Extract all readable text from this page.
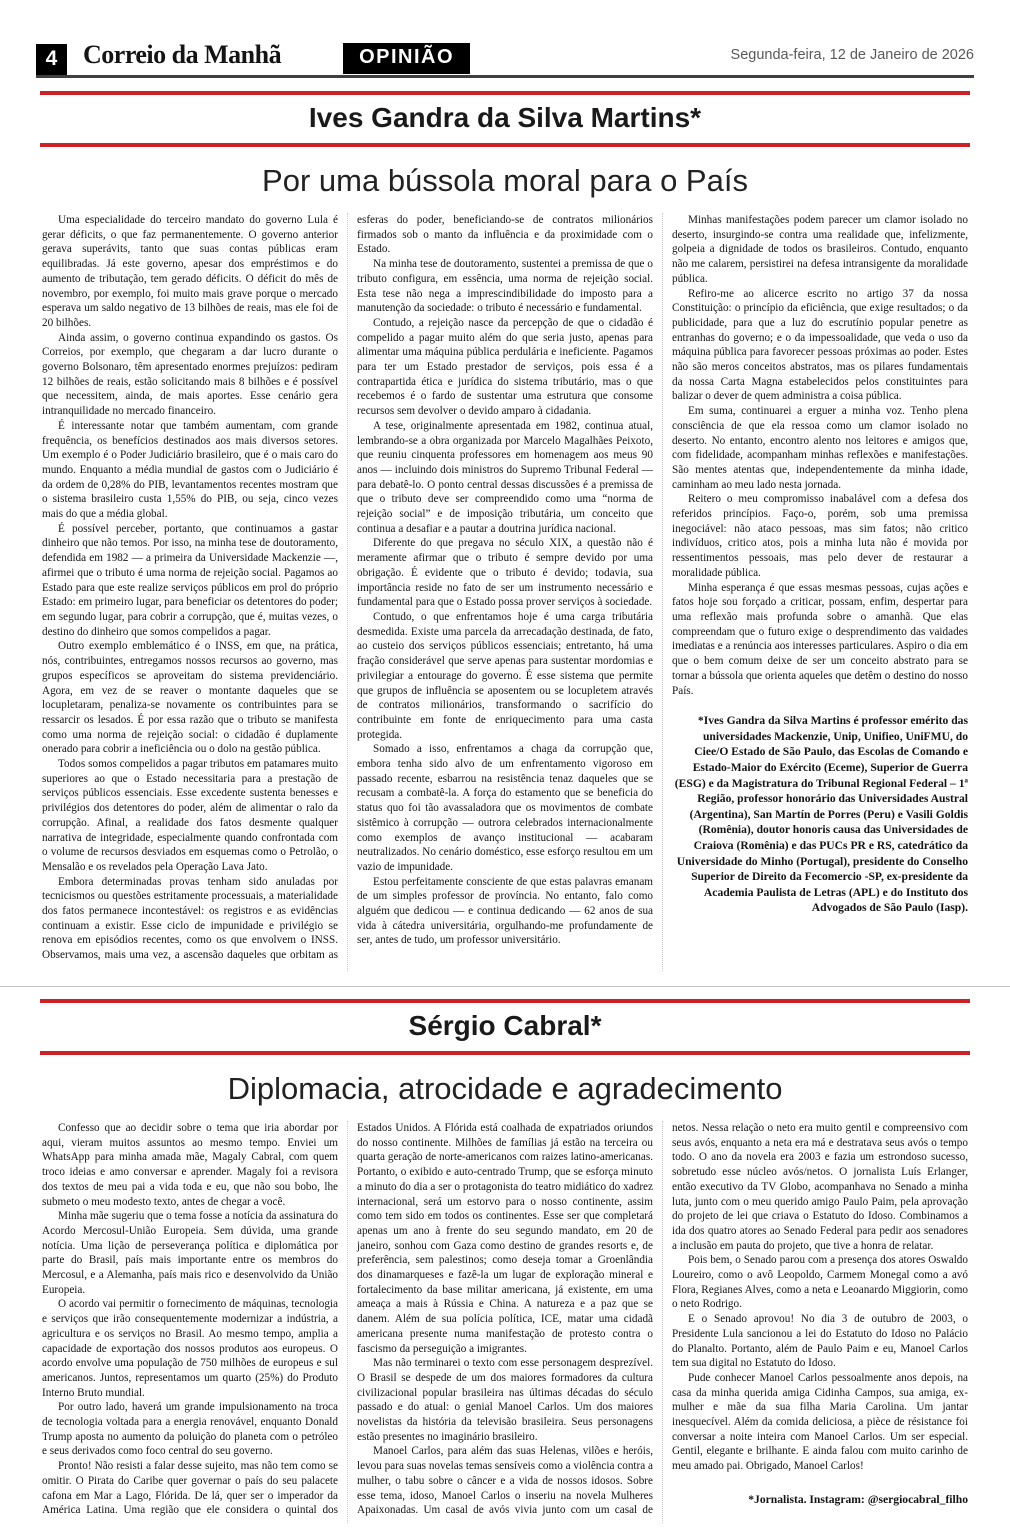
4 Correio da Manhã	OPINIÃO	Segunda-feira, 12 de Janeiro de 2026
Ives Gandra da Silva Martins*
Por uma bússola moral para o País

Uma especialidade do terceiro mandato do governo Lula é gerar déficits, o que faz permanentemente. O governo anterior gerava superávits, tanto que suas contas públicas eram equilibradas. Já este governo, apesar dos empréstimos e do aumento de tributação, tem gerado déficits. O déficit do mês de novembro, por exemplo, foi muito mais grave porque o mercado esperava um saldo negativo de 13 bilhões de reais, mas ele foi de 20 bilhões.

Ainda assim, o governo continua expandindo os gastos. Os Correios, por exemplo, que chegaram a dar lucro durante o governo Bolsonaro, têm apresentado enormes prejuízos: pediram 12 bilhões de reais, estão solicitando mais 8 bilhões e é possível que necessitem, ainda, de mais aportes. Esse cenário gera intranquilidade no mercado financeiro.

É interessante notar que também aumentam, com grande frequência, os benefícios destinados aos mais diversos setores. Um exemplo é o Poder Judiciário brasileiro, que é o mais caro do mundo. Enquanto a média mundial de gastos com o Judiciário é da ordem de 0,28% do PIB, levantamentos recentes mostram que o sistema brasileiro custa 1,55% do PIB, ou seja, cinco vezes mais do que a média global.

É possível perceber, portanto, que continuamos a gastar dinheiro que não temos. Por isso, na minha tese de doutoramento, defendida em 1982 — a primeira da Universidade Mackenzie —, afirmei que o tributo é uma norma de rejeição social. Pagamos ao Estado para que este realize serviços públicos em prol do próprio Estado: em primeiro lugar, para beneficiar os detentores do poder; em segundo lugar, para cobrir a corrupção, que é, muitas vezes, o destino do dinheiro que somos compelidos a pagar.

Outro exemplo emblemático é o INSS, em que, na prática, nós, contribuintes, entregamos nossos recursos ao governo, mas grupos específicos se aproveitam do sistema previdenciário. Agora, em vez de se reaver o montante daqueles que se locupletaram, penaliza-se novamente os contribuintes para se ressarcir os lesados. É por essa razão que o tributo se manifesta como uma norma de rejeição social: o cidadão é duplamente onerado para cobrir a ineficiência ou o dolo na gestão pública.

Todos somos compelidos a pagar tributos em patamares muito superiores ao que o Estado necessitaria para a prestação de serviços públicos essenciais. Esse excedente sustenta benesses e privilégios dos detentores do poder, além de alimentar o ralo da corrupção. Afinal, a realidade dos fatos desmente qualquer narrativa de integridade, especialmente quando confrontada com o volume de recursos desviados em esquemas como o Petrolão, o Mensalão e os revelados pela Operação Lava Jato.

Embora determinadas provas tenham sido anuladas por tecnicismos ou questões estritamente processuais, a materialidade dos fatos permanece incontestável: os registros e as evidências continuam a existir. Esse ciclo de impunidade e privilégio se renova em episódios recentes, como os que envolvem o INSS. Observamos, mais uma vez, a ascensão daqueles que orbitam as esferas do poder, beneficiando-se de contratos milionários firmados sob o manto da influência e da proximidade com o Estado.

Na minha tese de doutoramento, sustentei a premissa de que o tributo configura, em essência, uma norma de rejeição social. Esta tese não nega a imprescindibilidade do imposto para a manutenção da sociedade: o tributo é necessário e fundamental.

Contudo, a rejeição nasce da percepção de que o cidadão é compelido a pagar muito além do que seria justo, apenas para alimentar uma máquina pública perdulária e ineficiente. Pagamos para ter um Estado prestador de serviços, pois essa é a contrapartida ética e jurídica do sistema tributário, mas o que recebemos é o fardo de sustentar uma estrutura que consome recursos sem devolver o devido amparo à cidadania.

A tese, originalmente apresentada em 1982, continua atual, lembrando-se a obra organizada por Marcelo Magalhães Peixoto, que reuniu cinquenta professores em homenagem aos meus 90 anos — incluindo dois ministros do Supremo Tribunal Federal — para debatê-lo. O ponto central dessas discussões é a premissa de que o tributo deve ser compreendido como uma “norma de rejeição social” e de imposição tributária, um conceito que continua a desafiar e a pautar a doutrina jurídica nacional.

Diferente do que pregava no século XIX, a questão não é meramente afirmar que o tributo é sempre devido por uma obrigação. É evidente que o tributo é devido; todavia, sua importância reside no fato de ser um instrumento necessário e fundamental para que o Estado possa prover serviços à sociedade.

Contudo, o que enfrentamos hoje é uma carga tributária desmedida. Existe uma parcela da arrecadação destinada, de fato, ao custeio dos serviços públicos essenciais; entretanto, há uma fração considerável que serve apenas para sustentar mordomias e privilegiar a entourage do governo. É esse sistema que permite que grupos de influência se aposentem ou se locupletem através de contratos milionários, transformando o sacrifício do contribuinte em fonte de enriquecimento para uma casta protegida.

Somado a isso, enfrentamos a chaga da corrupção que, embora tenha sido alvo de um enfrentamento vigoroso em passado recente, esbarrou na resistência tenaz daqueles que se recusam a combatê-la. A força do estamento que se beneficia do status quo foi tão avassaladora que os movimentos de combate sistêmico à corrupção — outrora celebrados internacionalmente como exemplos de avanço institucional — acabaram neutralizados. No cenário doméstico, esse esforço resultou em um vazio de impunidade.

Estou perfeitamente consciente de que estas palavras emanam de um simples professor de província. No entanto, falo como alguém que dedicou — e continua dedicando — 62 anos de sua vida à cátedra universitária, orgulhando-me profundamente de ser, antes de tudo, um professor universitário.

Minhas manifestações podem parecer um clamor isolado no deserto, insurgindo-se contra uma realidade que, infelizmente, golpeia a dignidade de todos os brasileiros. Contudo, enquanto não me calarem, persistirei na defesa intransigente da moralidade pública.

Refiro-me ao alicerce escrito no artigo 37 da nossa Constituição: o princípio da eficiência, que exige resultados; o da publicidade, para que a luz do escrutínio popular penetre as entranhas do governo; e o da impessoalidade, que veda o uso da máquina pública para favorecer pessoas próximas ao poder. Estes não são meros conceitos abstratos, mas os pilares fundamentais da nossa Carta Magna estabelecidos pelos constituintes para balizar o dever de quem administra a coisa pública.

Em suma, continuarei a erguer a minha voz. Tenho plena consciência de que ela ressoa como um clamor isolado no deserto. No entanto, encontro alento nos leitores e amigos que, com fidelidade, acompanham minhas reflexões e manifestações. São mentes atentas que, independentemente da minha idade, caminham ao meu lado nesta jornada.

Reitero o meu compromisso inabalável com a defesa dos referidos princípios. Faço-o, porém, sob uma premissa inegociável: não ataco pessoas, mas sim fatos; não critico indivíduos, critico atos, pois a minha luta não é movida por ressentimentos pessoais, mas pelo dever de restaurar a moralidade pública.

Minha esperança é que essas mesmas pessoas, cujas ações e fatos hoje sou forçado a criticar, possam, enfim, despertar para uma reflexão mais profunda sobre o amanhã. Que elas compreendam que o futuro exige o desprendimento das vaidades imediatas e a renúncia aos interesses particulares. Aspiro o dia em que o bem comum deixe de ser um conceito abstrato para se tornar a bússola que orienta aqueles que detêm o destino do nosso País.

*Ives Gandra da Silva Martins é professor emérito das universidades Mackenzie, Unip, Unifieo, UniFMU, do Ciee/O Estado de São Paulo, das Escolas de Comando e Estado-Maior do Exército (Eceme), Superior de Guerra (ESG) e da Magistratura do Tribunal Regional Federal – 1ª Região, professor honorário das Universidades Austral (Argentina), San Martín de Porres (Peru) e Vasili Goldis (Romênia), doutor honoris causa das Universidades de Craiova (Romênia) e das PUCs PR e RS, catedrático da Universidade do Minho (Portugal), presidente do Conselho Superior de Direito da Fecomercio -SP, ex-presidente da Academia Paulista de Letras (APL) e do Instituto dos Advogados de São Paulo (Iasp).
Sérgio Cabral*
Diplomacia, atrocidade e agradecimento

Confesso que ao decidir sobre o tema que iria abordar por aqui, vieram muitos assuntos ao mesmo tempo. Enviei um WhatsApp para minha amada mãe, Magaly Cabral, com quem troco ideias e amo conversar e aprender. Magaly foi a revisora dos textos de meu pai a vida toda e eu, que não sou bobo, lhe submeto o meu modesto texto, antes de chegar a você.

Minha mãe sugeriu que o tema fosse a notícia da assinatura do Acordo Mercosul-União Europeia. Sem dúvida, uma grande notícia. Uma lição de perseverança política e diplomática por parte do Brasil, país mais importante entre os membros do Mercosul, e a Alemanha, país mais rico e desenvolvido da União Europeia.

O acordo vai permitir o fornecimento de máquinas, tecnologia e serviços que irão consequentemente modernizar a indústria, a agricultura e os serviços no Brasil. Ao mesmo tempo, amplia a capacidade de exportação dos nossos produtos aos europeus. O acordo envolve uma população de 750 milhões de europeus e sul americanos. Juntos, representamos um quarto (25%) do Produto Interno Bruto mundial.

Por outro lado, haverá um grande impulsionamento na troca de tecnologia voltada para a energia renovável, enquanto Donald Trump aposta no aumento da poluição do planeta com o petróleo e seus derivados como foco central do seu governo.

Pronto! Não resisti a falar desse sujeito, mas não tem como se omitir. O Pirata do Caribe quer governar o país do seu palacete cafona em Mar a Lago, Flórida. De lá, quer ser o imperador da América Latina. Uma região que ele considera o quintal dos Estados Unidos. A Flórida está coalhada de expatriados oriundos do nosso continente. Milhões de famílias já estão na terceira ou quarta geração de norte-americanos com raizes latino-americanas. Portanto, o exibido e auto-centrado Trump, que se esforça minuto a minuto do dia a ser o protagonista do teatro midiático do xadrez internacional, será um estorvo para o nosso continente, assim como tem sido em todos os continentes. Esse ser que completará apenas um ano à frente do seu segundo mandato, em 20 de janeiro, sonhou com Gaza como destino de grandes resorts e, de preferência, sem palestinos; como deseja tomar a Groenlândia dos dinamarqueses e fazê-la um lugar de exploração mineral e fortalecimento da base militar americana, já existente, em uma ameaça a mais à Rússia e China. A natureza e a paz que se danem. Além de sua polícia política, ICE, matar uma cidadã americana presente numa manifestação de protesto contra o fascismo da perseguição a imigrantes.

Mas não terminarei o texto com esse personagem desprezível. O Brasil se despede de um dos maiores formadores da cultura civilizacional popular brasileira nas últimas décadas do século passado e do atual: o genial Manoel Carlos. Um dos maiores novelistas da história da televisão brasileira. Seus personagens estão presentes no imaginário brasileiro.

Manoel Carlos, para além das suas Helenas, vilões e heróis, levou para suas novelas temas sensíveis como a violência contra a mulher, o tabu sobre o câncer e a vida de nossos idosos. Sobre esse tema, idoso, Manoel Carlos o inseriu na novela Mulheres Apaixonadas. Um casal de avós vivia junto com um casal de netos. Nessa relação o neto era muito gentil e compreensivo com seus avós, enquanto a neta era má e destratava seus avós o tempo todo. O ano da novela era 2003 e fazia um estrondoso sucesso, sobretudo esse núcleo avós/netos. O jornalista Luís Erlanger, então executivo da TV Globo, acompanhava no Senado a minha luta, junto com o meu querido amigo Paulo Paim, pela aprovação do projeto de lei que criava o Estatuto do Idoso. Combinamos a ida dos quatro atores ao Senado Federal para pedir aos senadores a inclusão em pauta do projeto, que tive a honra de relatar.

Pois bem, o Senado parou com a presença dos atores Oswaldo Loureiro, como o avô Leopoldo, Carmem Monegal como a avó Flora, Regianes Alves, como a neta e Leoanardo Miggiorin, como o neto Rodrigo.

E o Senado aprovou! No dia 3 de outubro de 2003, o Presidente Lula sancionou a lei do Estatuto do Idoso no Palácio do Planalto. Portanto, além de Paulo Paim e eu, Manoel Carlos tem sua digital no Estatuto do Idoso.

Pude conhecer Manoel Carlos pessoalmente anos depois, na casa da minha querida amiga Cidinha Campos, sua amiga, ex-mulher e mãe da sua filha Maria Carolina. Um jantar inesquecível. Além da comida deliciosa, a pièce de résistance foi conversar a noite inteira com Manoel Carlos. Um ser especial. Gentil, elegante e brilhante. E ainda falou com muito carinho de meu amado pai. Obrigado, Manoel Carlos!

*Jornalista. Instagram: @sergiocabral_filho
